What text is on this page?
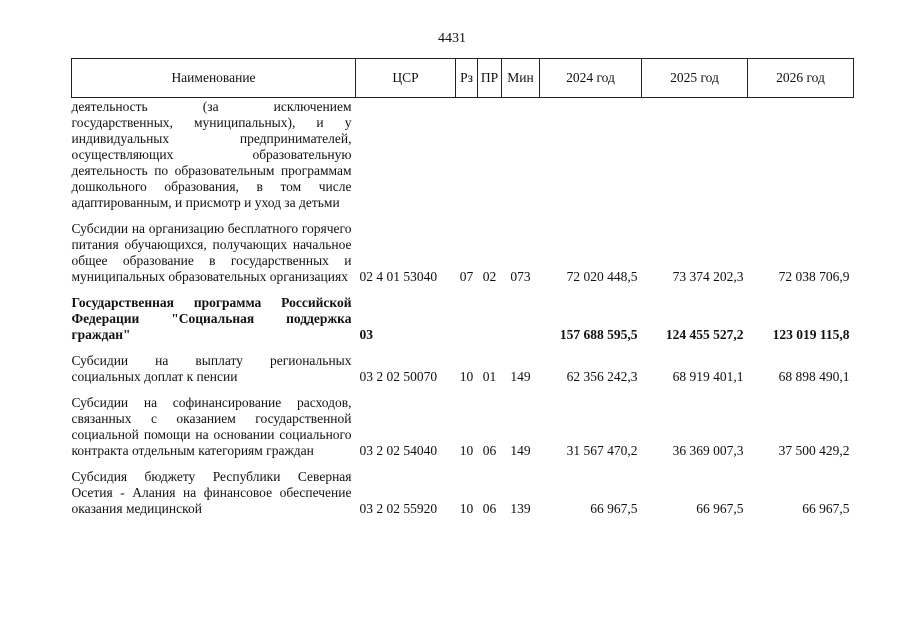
4431
Наименование	ЦСР	Рз	ПР	Мин	2024 год	2025 год	2026 год
деятельность (за исключением государственных, муниципальных), и у индивидуальных предпринимателей, осуществляющих образовательную деятельность по образовательным программам дошкольного образования, в том числе адаптированным, и присмотр и уход за детьми							
Субсидии на организацию бесплатного горячего питания обучающихся, получающих начальное общее образование в государственных и муниципальных образовательных организациях	02 4 01 53040	07	02	073	72 020 448,5	73 374 202,3	72 038 706,9
Государственная программа Российской Федерации "Социальная поддержка граждан"	03				157 688 595,5	124 455 527,2	123 019 115,8
Субсидии на выплату региональных социальных доплат к пенсии	03 2 02 50070	10	01	149	62 356 242,3	68 919 401,1	68 898 490,1
Субсидии на софинансирование расходов, связанных с оказанием государственной социальной помощи на основании социального контракта отдельным категориям граждан	03 2 02 54040	10	06	149	31 567 470,2	36 369 007,3	37 500 429,2
Субсидия бюджету Республики Северная Осетия - Алания на финансовое обеспечение оказания медицинской	03 2 02 55920	10	06	139	66 967,5	66 967,5	66 967,5
